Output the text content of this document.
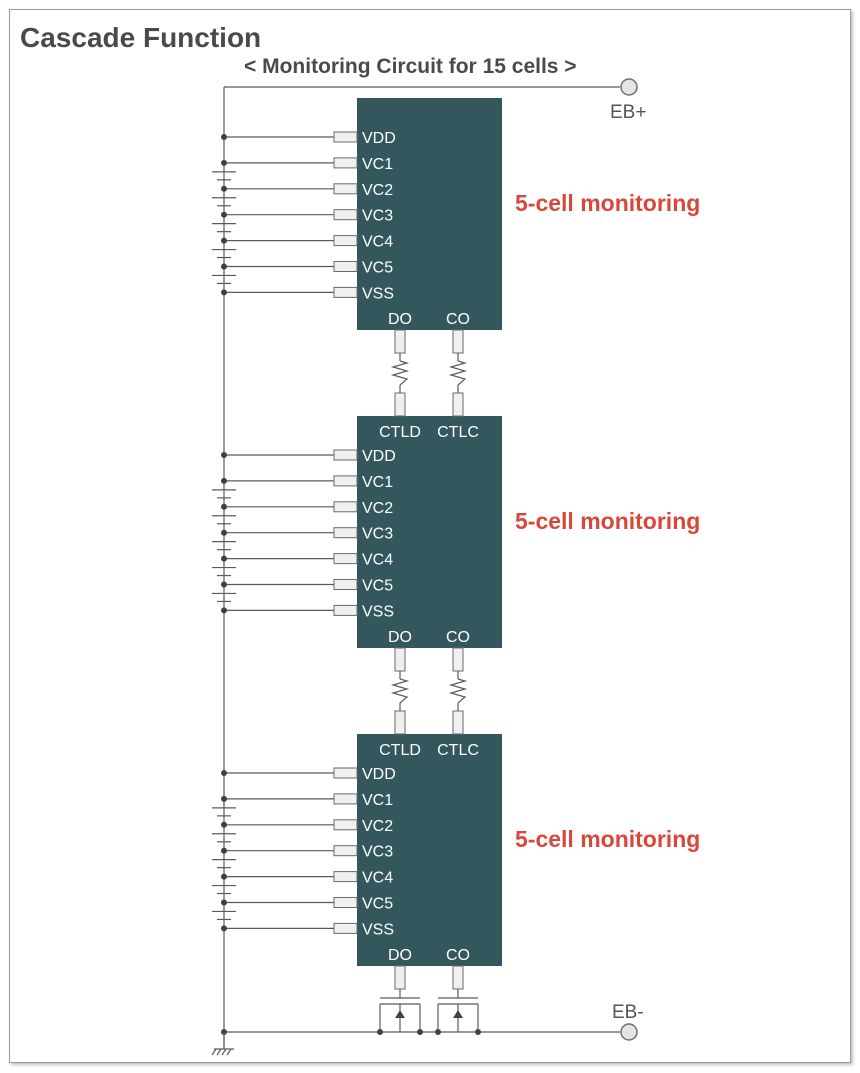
Cascade Function
< Monitoring Circuit for 15 cells >
EB+
EB-
VDD
VC1
VC2
VC3
VC4
VC5
VSS
DO CO
5-cell monitoring
VDD
VC1
VC2
VC3
VC4
VC5
VSS
CTLD CTLC
DO CO
5-cell monitoring
VDD
VC1
VC2
VC3
VC4
VC5
VSS
CTLD CTLC
DO CO
5-cell monitoring
